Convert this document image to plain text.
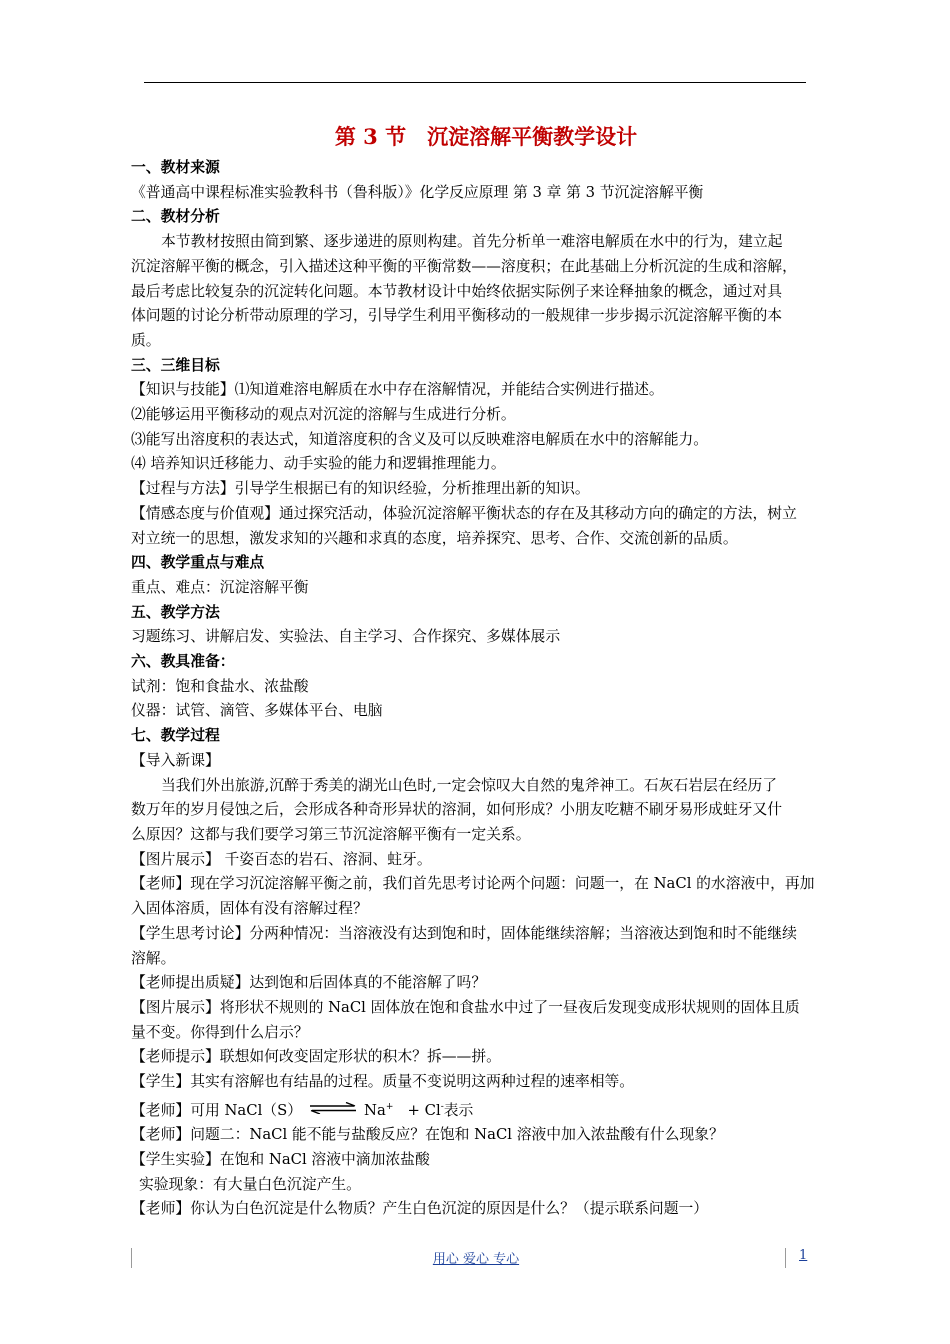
第 3 节　沉淀溶解平衡教学设计

一、教材来源

《普通高中课程标准实验教科书（鲁科版）》化学反应原理 第 3 章 第 3 节沉淀溶解平衡

二、教材分析

本节教材按照由简到繁、逐步递进的原则构建。首先分析单一难溶电解质在水中的行为，建立起

沉淀溶解平衡的概念，引入描述这种平衡的平衡常数——溶度积；在此基础上分析沉淀的生成和溶解，

最后考虑比较复杂的沉淀转化问题。本节教材设计中始终依据实际例子来诠释抽象的概念，通过对具

体问题的讨论分析带动原理的学习，引导学生利用平衡移动的一般规律一步步揭示沉淀溶解平衡的本

质。

三、三维目标

【知识与技能】⑴知道难溶电解质在水中存在溶解情况，并能结合实例进行描述。

⑵能够运用平衡移动的观点对沉淀的溶解与生成进行分析。

⑶能写出溶度积的表达式，知道溶度积的含义及可以反映难溶电解质在水中的溶解能力。

⑷ 培养知识迁移能力、动手实验的能力和逻辑推理能力。

【过程与方法】引导学生根据已有的知识经验，分析推理出新的知识。

【情感态度与价值观】通过探究活动，体验沉淀溶解平衡状态的存在及其移动方向的确定的方法，树立

对立统一的思想，激发求知的兴趣和求真的态度，培养探究、思考、合作、交流创新的品质。

四、教学重点与难点

重点、难点：沉淀溶解平衡

五、教学方法

习题练习、讲解启发、实验法、自主学习、合作探究、多媒体展示

六、教具准备：

试剂：饱和食盐水、浓盐酸

仪器：试管、滴管、多媒体平台、电脑

七、教学过程

【导入新课】

当我们外出旅游,沉醉于秀美的湖光山色时,一定会惊叹大自然的鬼斧神工。石灰石岩层在经历了

数万年的岁月侵蚀之后，会形成各种奇形异状的溶洞，如何形成？小朋友吃糖不刷牙易形成蛀牙又什

么原因？这都与我们要学习第三节沉淀溶解平衡有一定关系。

【图片展示】 千姿百态的岩石、溶洞、蛀牙。

【老师】现在学习沉淀溶解平衡之前，我们首先思考讨论两个问题：问题一，在 NaCl 的水溶液中，再加

入固体溶质，固体有没有溶解过程？

【学生思考讨论】分两种情况：当溶液没有达到饱和时，固体能继续溶解；当溶液达到饱和时不能继续

溶解。

【老师提出质疑】达到饱和后固体真的不能溶解了吗？

【图片展示】将形状不规则的 NaCl 固体放在饱和食盐水中过了一昼夜后发现变成形状规则的固体且质

量不变。你得到什么启示？

【老师提示】联想如何改变固定形状的积木？拆——拼。

【学生】其实有溶解也有结晶的过程。质量不变说明这两种过程的速率相等。

【老师】可用 NaCl（S） ⇌ Na+ + Cl-表示

【老师】问题二：NaCl 能不能与盐酸反应？在饱和 NaCl 溶液中加入浓盐酸有什么现象？

【学生实验】在饱和 NaCl 溶液中滴加浓盐酸

实验现象：有大量白色沉淀产生。

【老师】你认为白色沉淀是什么物质？产生白色沉淀的原因是什么？（提示联系问题一）

用心 爱心 专心	1
